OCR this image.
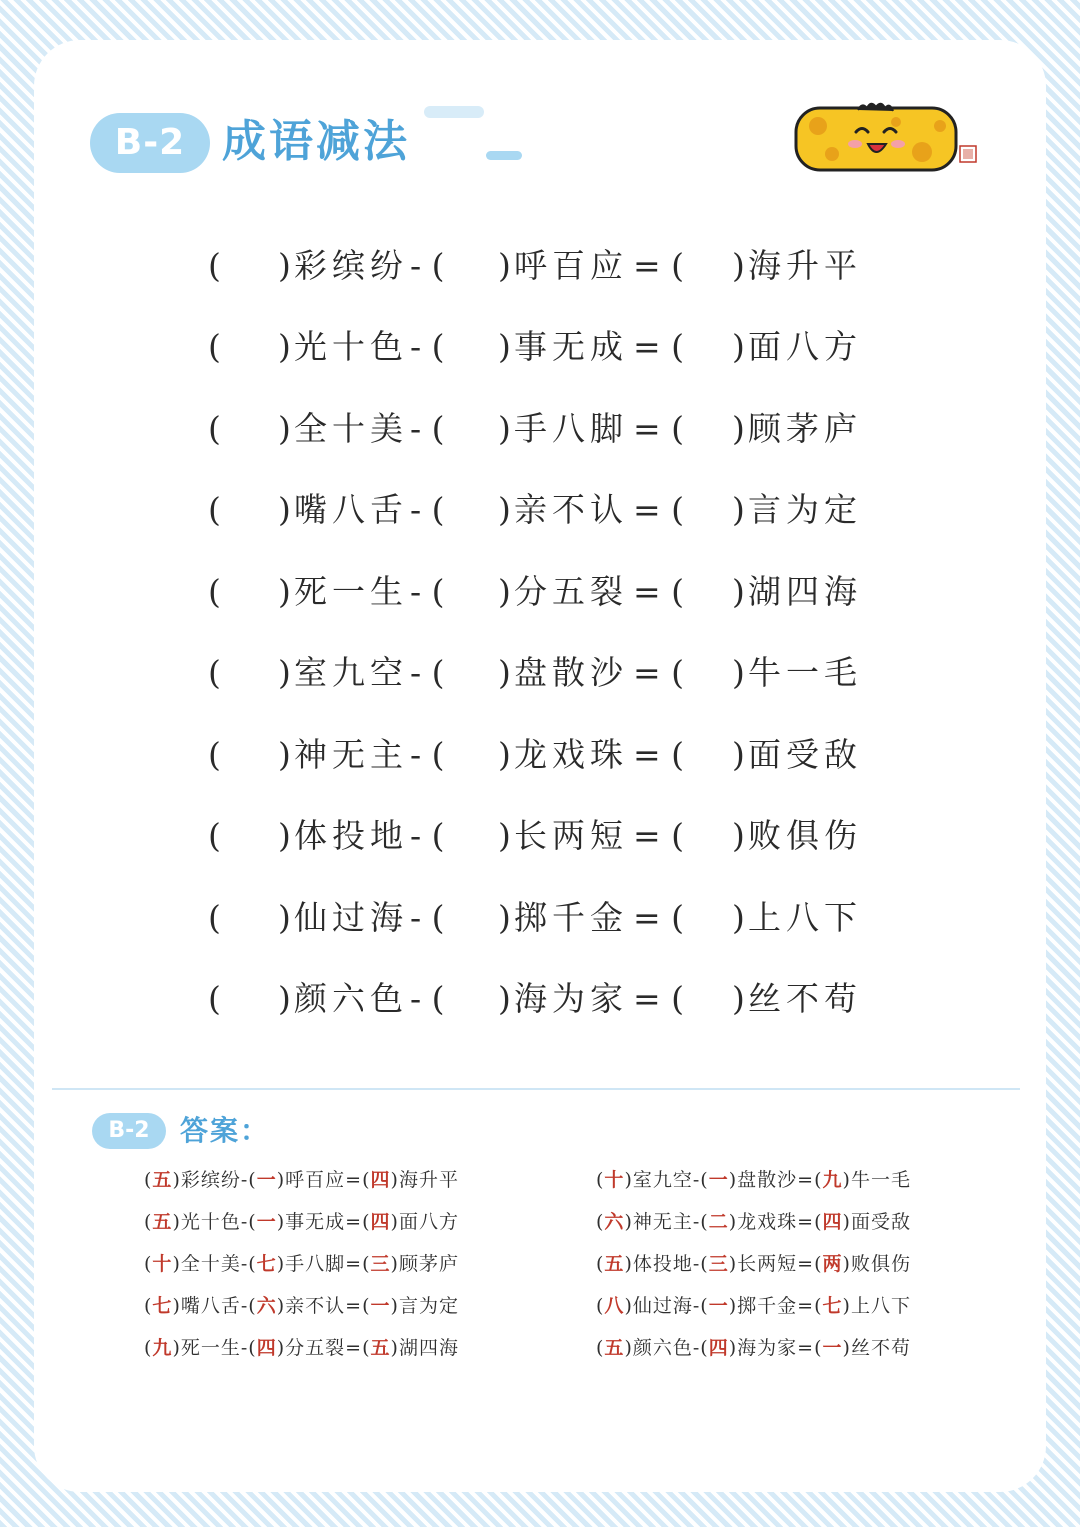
B-2 成语减法
( ) 彩缤纷 - ( ) 呼百应 = ( ) 海升平
( ) 光十色 - ( ) 事无成 = ( ) 面八方
( ) 全十美 - ( ) 手八脚 = ( ) 顾茅庐
( ) 嘴八舌 - ( ) 亲不认 = ( ) 言为定
( ) 死一生 - ( ) 分五裂 = ( ) 湖四海
( ) 室九空 - ( ) 盘散沙 = ( ) 牛一毛
( ) 神无主 - ( ) 龙戏珠 = ( ) 面受敌
( ) 体投地 - ( ) 长两短 = ( ) 败俱伤
( ) 仙过海 - ( ) 掷千金 = ( ) 上八下
( ) 颜六色 - ( ) 海为家 = ( ) 丝不苟
B-2	答案：
(五)彩缤纷-(一)呼百应=(四)海升平
(五)光十色-(一)事无成=(四)面八方
(十)全十美-(七)手八脚=(三)顾茅庐
(七)嘴八舌-(六)亲不认=(一)言为定
(九)死一生-(四)分五裂=(五)湖四海
(十)室九空-(一)盘散沙=(九)牛一毛
(六)神无主-(二)龙戏珠=(四)面受敌
(五)体投地-(三)长两短=(两)败俱伤
(八)仙过海-(一)掷千金=(七)上八下
(五)颜六色-(四)海为家=(一)丝不苟
